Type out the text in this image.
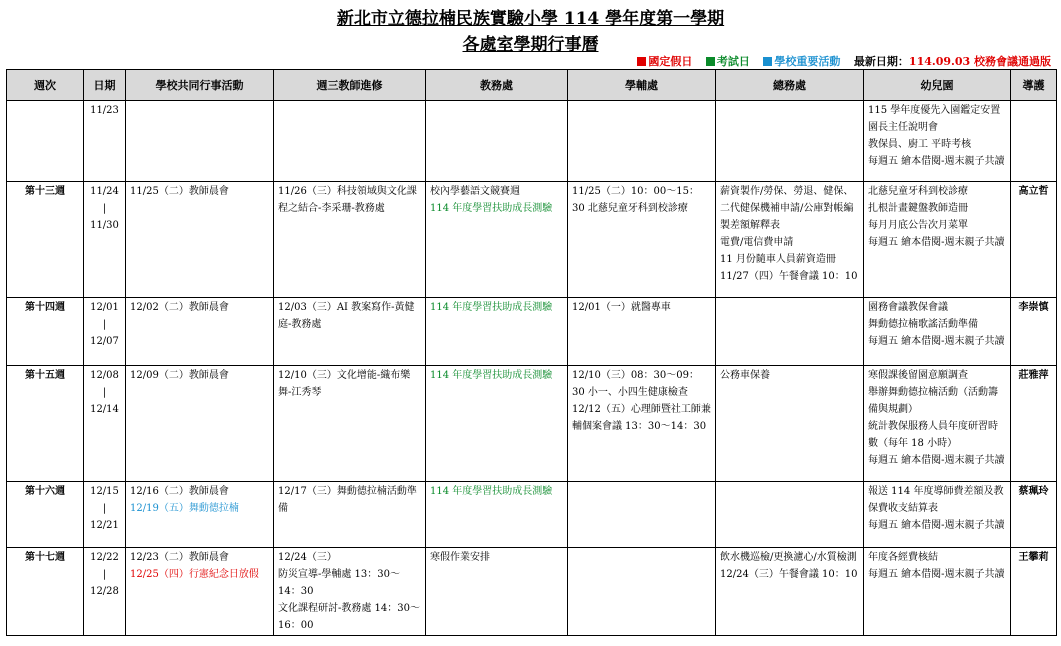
新北市立德拉楠民族實驗小學 114 學年度第一學期
各處室學期行事曆
國定假日 考試日 學校重要活動 最新日期：114.09.03 校務會議通過版
週次	日期	學校共同行事活動	週三教師進修	教務處	學輔處	總務處	幼兒園	導護

	11/23						115 學年度優先入園鑑定安置園長主任說明會
教保員、廚工 平時考核
每週五 繪本借閱-週末親子共讀	

第十三週	11/24
|
11/30	11/25（二）教師晨會	11/26（三）科技領域與文化課程之結合-李采珊-教務處	校內學藝語文競賽週
114 年度學習扶助成長測驗	11/25（二）10：00～15：30 北慈兒童牙科到校診療	薪資製作/勞保、勞退、健保、二代健保機補申請/公庫對帳編製差額解釋表
電費/電信費申請
11 月份隨車人員薪資造冊
11/27（四）午餐會議 10：10	北慈兒童牙科到校診療
扎根計畫鍵盤教師造冊
每月月底公告次月菜單
每週五 繪本借閱-週末親子共讀	高立哲
第十四週	12/01
|
12/07	12/02（二）教師晨會	12/03（三）AI 教案寫作-黃健庭-教務處	114 年度學習扶助成長測驗	12/01（一）就醫專車		園務會議教保會議
舞動德拉楠歌謠活動準備
每週五 繪本借閱-週末親子共讀	李崇慎
第十五週	12/08
|
12/14	12/09（二）教師晨會	12/10（三）文化增能-織布樂舞-江秀琴	114 年度學習扶助成長測驗	12/10（三）08：30～09：30 小一、小四生健康檢查
12/12（五）心理師暨社工師兼輔個案會議 13：30～14：30	公務車保養	寒假課後留園意願調查
舉辦舞動德拉楠活動（活動籌備與規劃）
統計教保服務人員年度研習時數（每年 18 小時）
每週五 繪本借閱-週末親子共讀	莊雅萍
第十六週	12/15
|
12/21	12/16（二）教師晨會
12/19（五）舞動德拉楠	12/17（三）舞動德拉楠活動準備	114 年度學習扶助成長測驗			報送 114 年度導師費差額及教保費收支結算表
每週五 繪本借閱-週末親子共讀	蔡珮玲
第十七週	12/22
|
12/28	12/23（二）教師晨會
12/25（四）行憲紀念日放假	12/24（三）
防災宣導-學輔處 13：30～14：30
文化課程研討-教務處 14：30～16：00	寒假作業安排		飲水機巡檢/更換濾心/水質檢測
12/24（三）午餐會議 10：10	年度各經費核結
每週五 繪本借閱-週末親子共讀	王攀莉
